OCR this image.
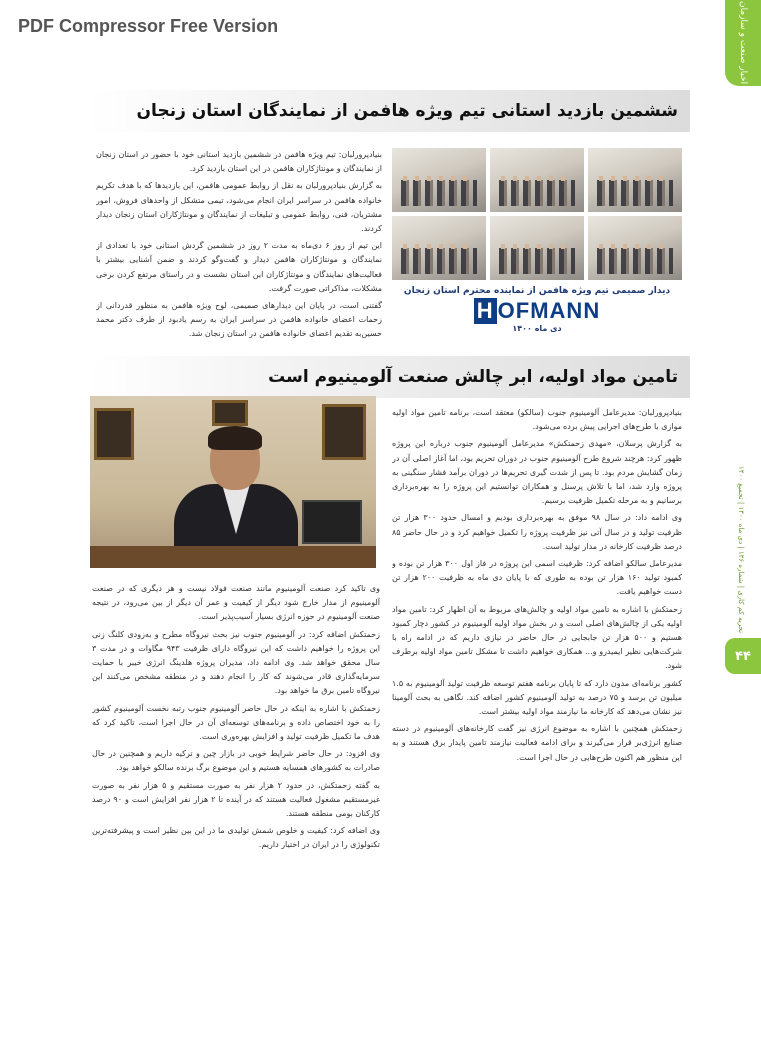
PDF Compressor Free Version	اخبار صنعت و سازمان
تحریه کم کاری | شماره ۱۳۶ | دی ماه ۱۴۰۰ | تجمیع ۱۴۰۰
۴۴
ششمین بازدید استانی تیم ویژه هافمن از نمایندگان استان زنجان
دیدار صمیمی تیم ویژه هافمن از نماینده محترم استان زنجان
H OFMANN
دی ماه ۱۴۰۰

بنیادپرورلبان: تیم ویژه هافمن در ششمین بازدید استانی خود با حضور در استان زنجان از نمایندگان و مونتاژکاران هافمن در این استان بازدید کرد.

به گزارش بنیادپرورلبان به نقل از روابط عمومی هافمن، این بازدیدها که با هدف تکریم خانواده هافمن در سراسر ایران انجام می‌شود، تیمی متشکل از واحدهای فروش، امور مشتریان، فنی، روابط عمومی و تبلیغات از نمایندگان و مونتاژکاران استان زنجان دیدار کردند.

این تیم از روز ۶ دی‌ماه به مدت ۲ روز در ششمین گردش استانی خود با تعدادی از نمایندگان و مونتاژکاران هافمن دیدار و گفت‌وگو کردند و ضمن آشنایی بیشتر با فعالیت‌های نمایندگان و مونتاژکاران این استان نشست و در راستای مرتفع کردن برخی مشکلات، مذاکراتی صورت گرفت.

گفتنی است، در پایان این دیدارهای صمیمی، لوح ویژه هافمن به منظور قدردانی از زحمات اعضای خانواده هافمن در سراسر ایران به رسم یادبود از طرف دکتر محمد حسین‌به تقدیم اعضای خانواده هافمن در استان زنجان شد.

تامین مواد اولیه، ابر چالش صنعت آلومینیوم است

بنیادپرورلبان: مدیرعامل آلومینیوم جنوب (سالکو) معتقد است، برنامه تامین مواد اولیه موازی با طرح‌های اجرایی پیش برده می‌شود.

به گزارش پرسلان، «مهدی زحمتکش» مدیرعامل آلومینیوم جنوب درباره این پروژه ظهور کرد: هرچند شروع طرح آلومینیوم جنوب در دوران تحریم بود، اما آغاز اصلی آن در زمان گشایش مردم بود. تا پس از شدت گیری تحریم‌ها در دوران برآمد فشار سنگینی به پروژه وارد شد، اما با تلاش پرسنل و همکاران توانستیم این پروژه را به بهره‌برداری برسانیم و به مرحله تکمیل ظرفیت برسیم.

وی ادامه داد: در سال ۹۸ موفق به بهره‌برداری بودیم و امسال حدود ۳۰۰ هزار تن ظرفیت تولید و در سال آتی نیز ظرفیت پروژه را تکمیل خواهیم کرد و در حال حاضر ۸۵ درصد ظرفیت کارخانه در مدار تولید است.

مدیرعامل سالکو اضافه کرد: ظرفیت اسمی این پروژه در فاز اول ۳۰۰ هزار تن بوده و کمبود تولید ۱۶۰ هزار تن بوده به طوری که با پایان دی ماه به ظرفیت ۲۰۰ هزار تن دست خواهیم یافت.

زحمتکش با اشاره به تامین مواد اولیه و چالش‌های مربوط به آن اظهار کرد: تامین مواد اولیه یکی از چالش‌های اصلی است و در بخش مواد اولیه آلومینیوم در کشور دچار کمبود هستیم و ۵۰۰ هزار تن جابجایی در حال حاضر در نیازی داریم که در ادامه راه با شرکت‌هایی نظیر ایمیدرو و... همکاری خواهیم داشت تا مشکل تامین مواد اولیه برطرف شود.

کشور برنامه‌ای مدون دارد که تا پایان برنامه هفتم توسعه ظرفیت تولید آلومینیوم به ۱.۵ میلیون تن برسد و ۷۵ درصد به تولید آلومینیوم کشور اضافه کند. نگاهی به بحث آلومینا نیز نشان می‌دهد که کارخانه ما نیازمند مواد اولیه بیشتر است.

زحمتکش همچنین با اشاره به موضوع انرژی نیز گفت کارخانه‌های آلومینیوم در دسته صنایع انرژی‌بر قرار می‌گیرند و برای ادامه فعالیت نیازمند تامین پایدار برق هستند و به این منظور هم اکنون طرح‌هایی در حال اجرا است.

وی تاکید کرد صنعت آلومینیوم مانند صنعت فولاد نیست و هر دیگری که در صنعت آلومینیوم از مدار خارج شود دیگر از کیفیت و عمر آن دیگر از بین می‌رود، در نتیجه صنعت آلومینیوم در حوزه انرژی بسیار آسیب‌پذیر است.

زحمتکش اضافه کرد: در آلومینیوم جنوب نیز بحث نیروگاه مطرح و به‌زودی کلنگ زنی این پروژه را خواهیم داشت که این نیروگاه دارای ظرفیت ۹۴۳ مگاوات و در مدت ۳ سال محقق خواهد شد. وی ادامه داد، مدیران پروژه هلدینگ انرژی خیبر با حمایت سرمایه‌گذاری قادر می‌شوند که کار را انجام دهند و در منطقه مشخص می‌کنند این نیروگاه تامین برق ما خواهد بود.

زحمتکش با اشاره به اینکه در حال حاضر آلومینیوم جنوب رتبه نخست آلومینیوم کشور را به خود اختصاص داده و برنامه‌های توسعه‌ای آن در حال اجرا است، تاکید کرد که هدف ما تکمیل ظرفیت تولید و افزایش بهره‌وری است.

وی افزود: در حال حاضر شرایط خوبی در بازار چین و ترکیه داریم و همچنین در حال صادرات به کشورهای همسایه هستیم و این موضوع برگ برنده سالکو خواهد بود.

به گفته زحمتکش، در حدود ۲ هزار نفر به صورت مستقیم و ۵ هزار نفر به صورت غیرمستقیم مشغول فعالیت هستند که در آینده تا ۲ هزار نفر افزایش است و ۹۰ درصد کارکنان بومی منطقه هستند.

وی اضافه کرد: کیفیت و خلوص شمش تولیدی ما در این بین نظیر است و پیشرفته‌ترین تکنولوژی را در ایران در اختیار داریم.
